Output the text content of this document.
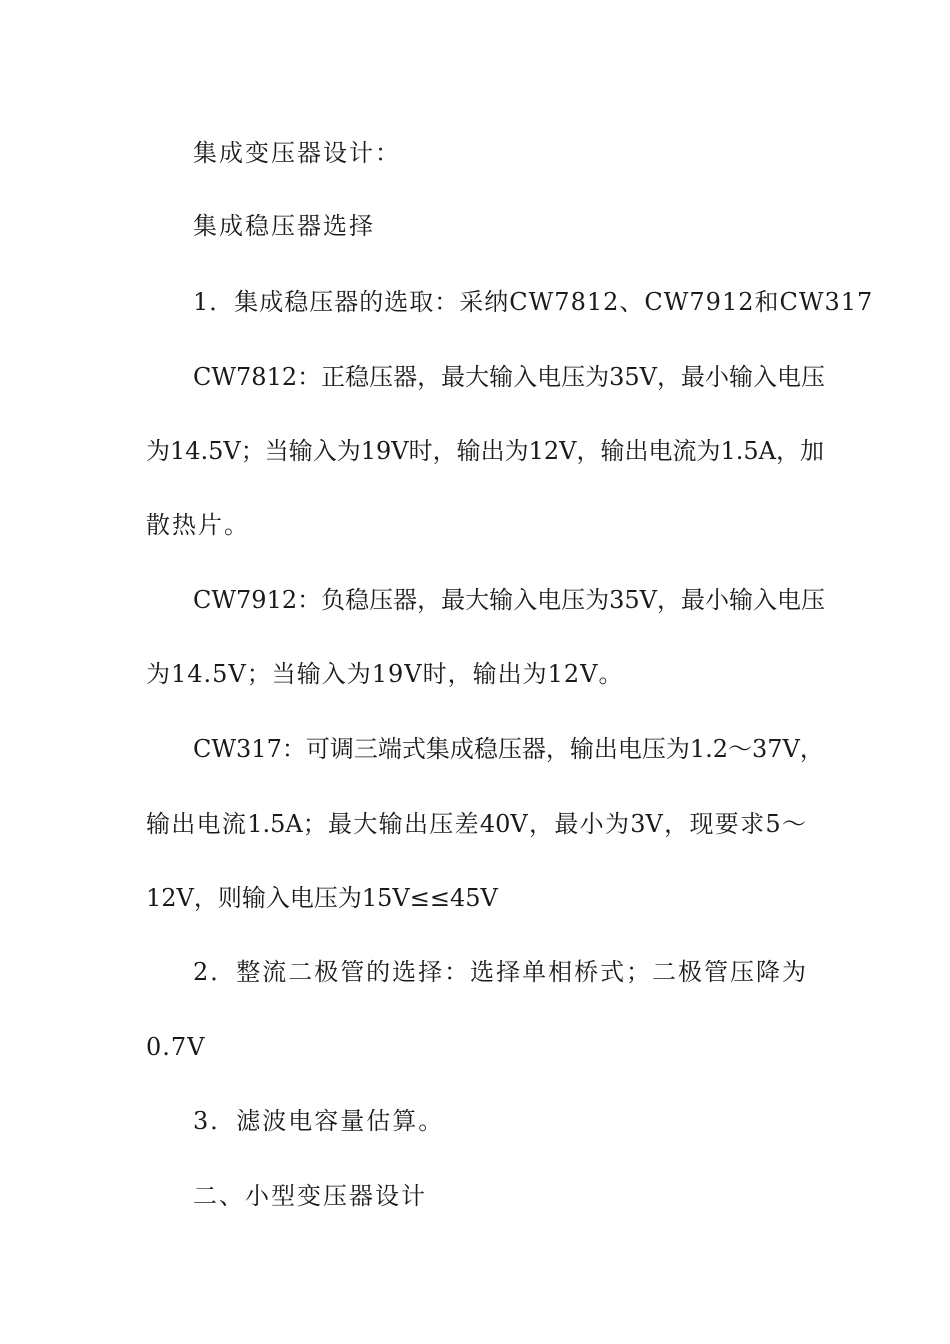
集成变压器设计：
集成稳压器选择
1．集成稳压器的选取：采纳CW7812、CW7912和CW317
CW7812：正稳压器，最大输入电压为35V，最小输入电压
为14.5V；当输入为19V时，输出为12V，输出电流为1.5A，加
散热片。
CW7912：负稳压器，最大输入电压为35V，最小输入电压
为14.5V；当输入为19V时，输出为12V。
CW317：可调三端式集成稳压器，输出电压为1.2～37V，
输出电流1.5A；最大输出压差40V，最小为3V，现要求5～
12V，则输入电压为15V≤≤45V
2．整流二极管的选择：选择单相桥式；二极管压降为
0.7V
3．滤波电容量估算。
二、小型变压器设计
